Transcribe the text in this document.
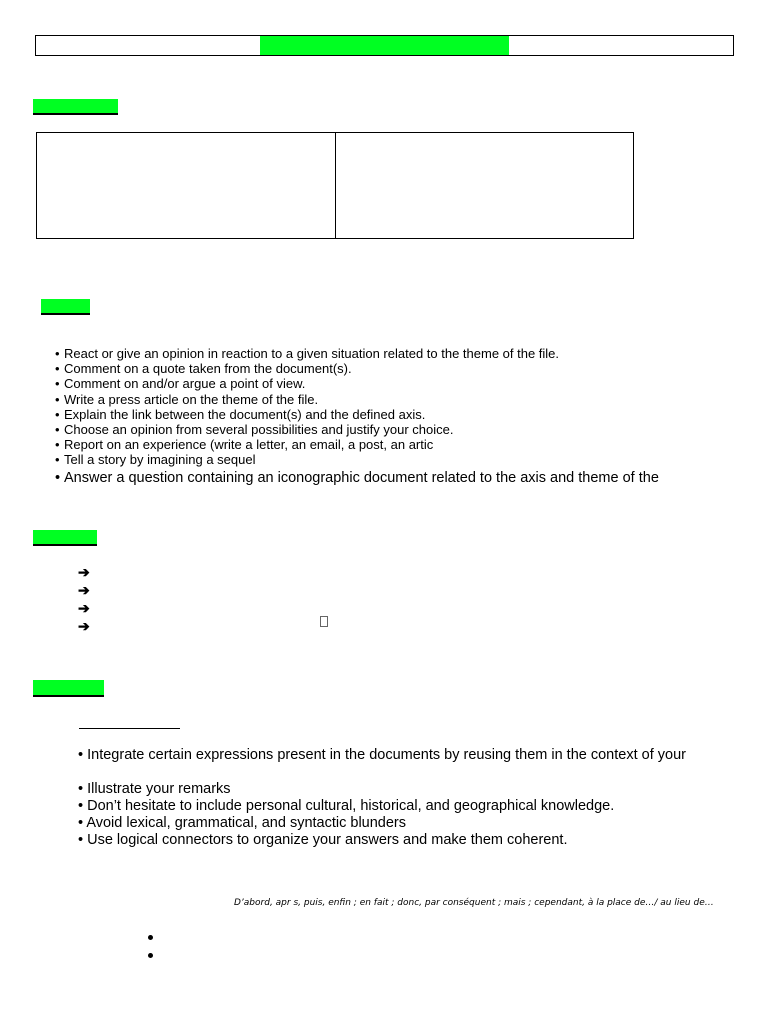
• React or give an opinion in reaction to a given situation related to the theme of the file.
• Comment on a quote taken from the document(s).
• Comment on and/or argue a point of view.
• Write a press article on the theme of the file.
• Explain the link between the document(s) and the defined axis.
• Choose an opinion from several possibilities and justify your choice.
• Report on an experience (write a letter, an email, a post, an artic
• Tell a story by imagining a sequel
• Answer a question containing an iconographic document related to the axis and theme of the
➔
➔
➔
➔
• Integrate certain expressions present in the documents by reusing them in the context of your
• Illustrate your remarks
• Don’t hesitate to include personal cultural, historical, and geographical knowledge.
• Avoid lexical, grammatical, and syntactic blunders
• Use logical connectors to organize your answers and make them coherent.
D’abord, apr s, puis, enfin ; en fait ; donc, par conséquent ; mais ; cependant, à la place de…/ au lieu de…
